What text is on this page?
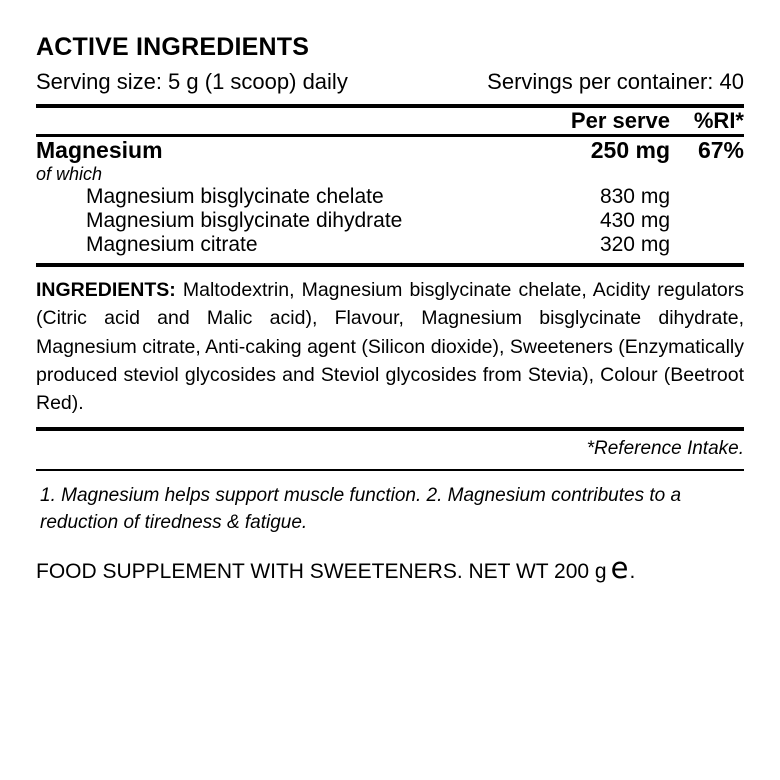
ACTIVE INGREDIENTS
Serving size: 5 g (1 scoop) daily	Servings per container: 40
	Per serve	%RI*
Magnesium	250 mg	67%
of which		
Magnesium bisglycinate chelate	830 mg	
Magnesium bisglycinate dihydrate	430 mg	
Magnesium citrate	320 mg	

INGREDIENTS: Maltodextrin, Magnesium bisglycinate chelate, Acidity regulators (Citric acid and Malic acid), Flavour, Magnesium bisglycinate dihydrate, Magnesium citrate, Anti-caking agent (Silicon dioxide), Sweeteners (Enzymatically produced steviol glycosides and Steviol glycosides from Stevia), Colour (Beetroot Red).

*Reference Intake.

1. Magnesium helps support muscle function. 2. Magnesium contributes to a reduction of tiredness & fatigue.

FOOD SUPPLEMENT WITH SWEETENERS. NET WT 200 g e .
